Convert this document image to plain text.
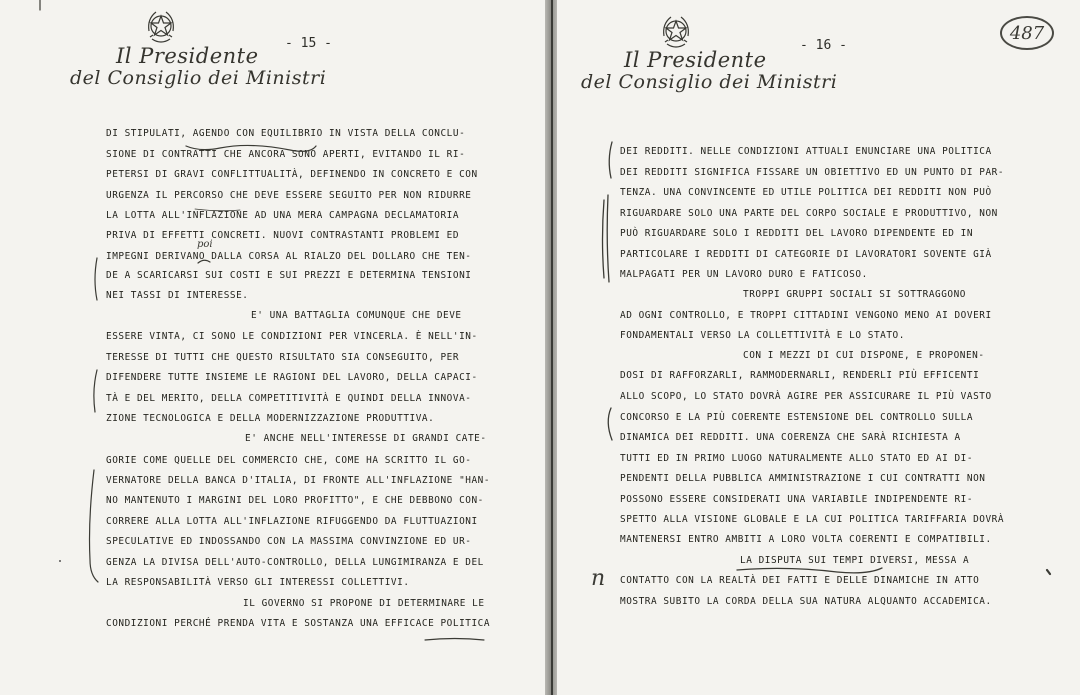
Il Presidente
del Consiglio dei Ministri
- 15 -
DI STIPULATI, AGENDO CON EQUILIBRIO IN VISTA DELLA CONCLU-
SIONE DI CONTRATTI CHE ANCORA SONO APERTI, EVITANDO IL RI-
PETERSI DI GRAVI CONFLITTUALITÀ, DEFINENDO IN CONCRETO E CON
URGENZA IL PERCORSO CHE DEVE ESSERE SEGUITO PER NON RIDURRE
LA LOTTA ALL'INFLAZIONE AD UNA MERA CAMPAGNA DECLAMATORIA
PRIVA DI EFFETTI CONCRETI. NUOVI CONTRASTANTI PROBLEMI ED
IMPEGNI DERIVANO DALLA CORSA AL RIALZO DEL DOLLARO CHE TEN-
DE A SCARICARSI SUI COSTI E SUI PREZZI E DETERMINA TENSIONI
NEI TASSI DI INTERESSE.
E' UNA BATTAGLIA COMUNQUE CHE DEVE
ESSERE VINTA, CI SONO LE CONDIZIONI PER VINCERLA. È NELL'IN-
TERESSE DI TUTTI CHE QUESTO RISULTATO SIA CONSEGUITO, PER
DIFENDERE TUTTE INSIEME LE RAGIONI DEL LAVORO, DELLA CAPACI-
TÀ E DEL MERITO, DELLA COMPETITIVITÀ E QUINDI DELLA INNOVA-
ZIONE TECNOLOGICA E DELLA MODERNIZZAZIONE PRODUTTIVA.
E' ANCHE NELL'INTERESSE DI GRANDI CATE-
GORIE COME QUELLE DEL COMMERCIO CHE, COME HA SCRITTO IL GO-
VERNATORE DELLA BANCA D'ITALIA, DI FRONTE ALL'INFLAZIONE "HAN-
NO MANTENUTO I MARGINI DEL LORO PROFITTO", E CHE DEBBONO CON-
CORRERE ALLA LOTTA ALL'INFLAZIONE RIFUGGENDO DA FLUTTUAZIONI
SPECULATIVE ED INDOSSANDO CON LA MASSIMA CONVINZIONE ED UR-
GENZA LA DIVISA DELL'AUTO-CONTROLLO, DELLA LUNGIMIRANZA E DEL
LA RESPONSABILITÀ VERSO GLI INTERESSI COLLETTIVI.
IL GOVERNO SI PROPONE DI DETERMINARE LE
CONDIZIONI PERCHÉ PRENDA VITA E SOSTANZA UNA EFFICACE POLITICA
poi
Il Presidente
del Consiglio dei Ministri
- 16 -
DEI REDDITI. NELLE CONDIZIONI ATTUALI ENUNCIARE UNA POLITICA
DEI REDDITI SIGNIFICA FISSARE UN OBIETTIVO ED UN PUNTO DI PAR-
TENZA. UNA CONVINCENTE ED UTILE POLITICA DEI REDDITI NON PUÒ
RIGUARDARE SOLO UNA PARTE DEL CORPO SOCIALE E PRODUTTIVO, NON
PUÒ RIGUARDARE SOLO I REDDITI DEL LAVORO DIPENDENTE ED IN
PARTICOLARE I REDDITI DI CATEGORIE DI LAVORATORI SOVENTE GIÀ
MALPAGATI PER UN LAVORO DURO E FATICOSO.
TROPPI GRUPPI SOCIALI SI SOTTRAGGONO
AD OGNI CONTROLLO, E TROPPI CITTADINI VENGONO MENO AI DOVERI
FONDAMENTALI VERSO LA COLLETTIVITÀ E LO STATO.
CON I MEZZI DI CUI DISPONE, E PROPONEN-
DOSI DI RAFFORZARLI, RAMMODERNARLI, RENDERLI PIÙ EFFICENTI
ALLO SCOPO, LO STATO DOVRÀ AGIRE PER ASSICURARE IL PIÙ VASTO
CONCORSO E LA PIÙ COERENTE ESTENSIONE DEL CONTROLLO SULLA
DINAMICA DEI REDDITI. UNA COERENZA CHE SARÀ RICHIESTA A
TUTTI ED IN PRIMO LUOGO NATURALMENTE ALLO STATO ED AI DI-
PENDENTI DELLA PUBBLICA AMMINISTRAZIONE I CUI CONTRATTI NON
POSSONO ESSERE CONSIDERATI UNA VARIABILE INDIPENDENTE RI-
SPETTO ALLA VISIONE GLOBALE E LA CUI POLITICA TARIFFARIA DOVRÀ
MANTENERSI ENTRO AMBITI A LORO VOLTA COERENTI E COMPATIBILI.
LA DISPUTA SUI TEMPI DIVERSI, MESSA A
CONTATTO CON LA REALTÀ DEI FATTI E DELLE DINAMICHE IN ATTO
MOSTRA SUBITO LA CORDA DELLA SUA NATURA ALQUANTO ACCADEMICA.
n
487
